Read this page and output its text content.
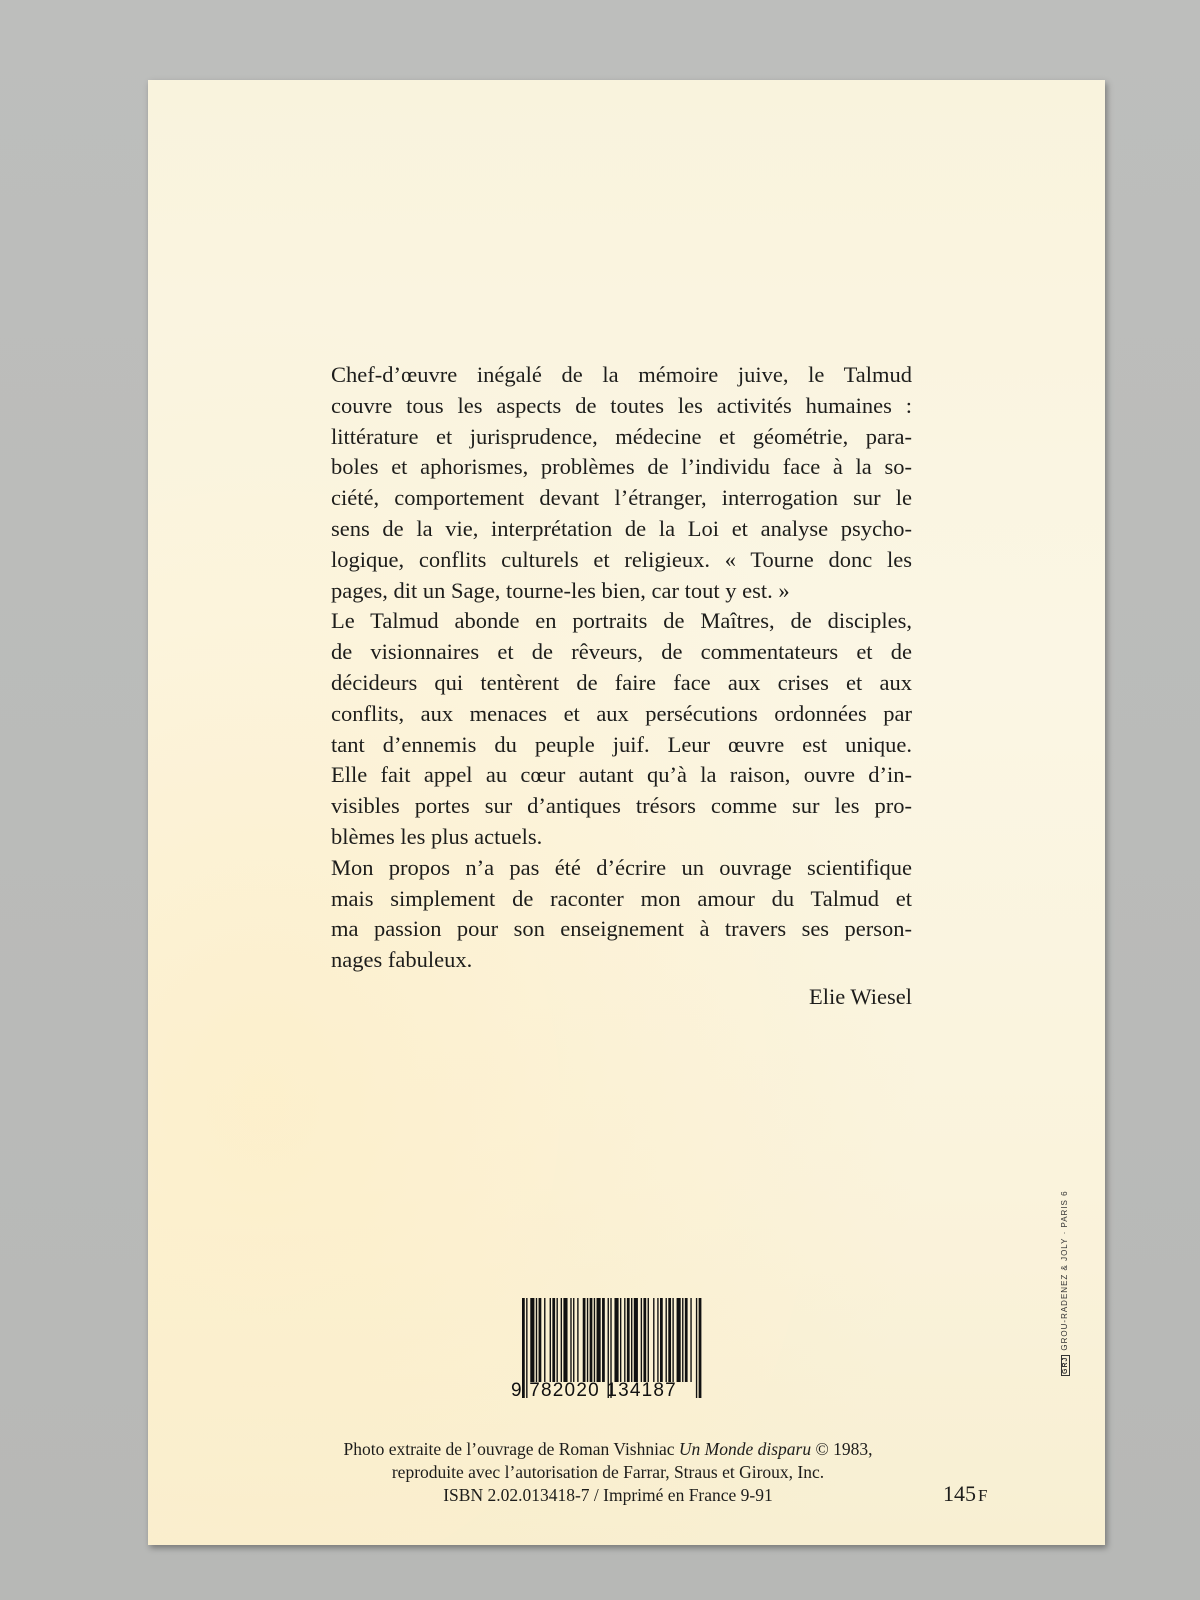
Chef-d’œuvre inégalé de la mémoire juive, le Talmud
couvre tous les aspects de toutes les activités humaines :
littérature et jurisprudence, médecine et géométrie, para-
boles et aphorismes, problèmes de l’individu face à la so-
ciété, comportement devant l’étranger, interrogation sur le
sens de la vie, interprétation de la Loi et analyse psycho-
logique, conflits culturels et religieux. « Tourne donc les
pages, dit un Sage, tourne-les bien, car tout y est. »
Le Talmud abonde en portraits de Maîtres, de disciples,
de visionnaires et de rêveurs, de commentateurs et de
décideurs qui tentèrent de faire face aux crises et aux
conflits, aux menaces et aux persécutions ordonnées par
tant d’ennemis du peuple juif. Leur œuvre est unique.
Elle fait appel au cœur autant qu’à la raison, ouvre d’in-
visibles portes sur d’antiques trésors comme sur les pro-
blèmes les plus actuels.
Mon propos n’a pas été d’écrire un ouvrage scientifique
mais simplement de raconter mon amour du Talmud et
ma passion pour son enseignement à travers ses person-
nages fabuleux.
Elie Wiesel
9 782020 134187
Photo extraite de l’ouvrage de Roman Vishniac Un Monde disparu © 1983,
reproduite avec l’autorisation de Farrar, Straus et Giroux, Inc.
ISBN 2.02.013418-7 / Imprimé en France 9-91	145 F
GRJGROU-RADENEZ & JOLY · PARIS 6
